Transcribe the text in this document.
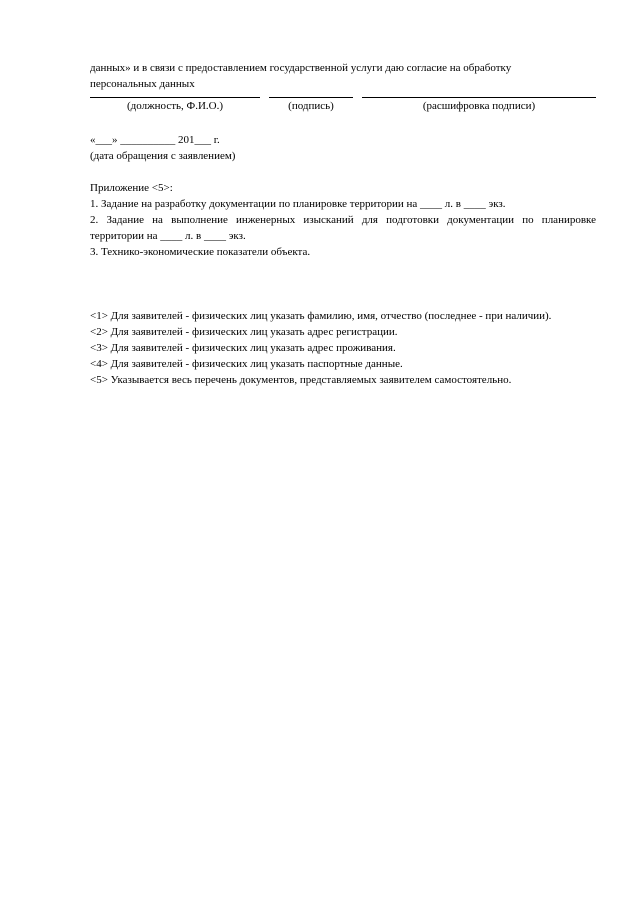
данных» и в связи с предоставлением государственной услуги даю согласие на обработку
персональных данных
(должность, Ф.И.О.)	(подпись)	(расшифровка подписи)
«___» __________ 201___ г.
(дата обращения с заявлением)
Приложение <5>:
1. Задание на разработку документации по планировке территории на ____ л. в ____ экз.
2. Задание на выполнение инженерных изысканий для подготовки документации по планировке территории на ____ л. в ____ экз.
3. Технико-экономические показатели объекта.
<1> Для заявителей - физических лиц указать фамилию, имя, отчество (последнее - при наличии).
<2> Для заявителей - физических лиц указать адрес регистрации.
<3> Для заявителей - физических лиц указать адрес проживания.
<4> Для заявителей - физических лиц указать паспортные данные.
<5> Указывается весь перечень документов, представляемых заявителем самостоятельно.
